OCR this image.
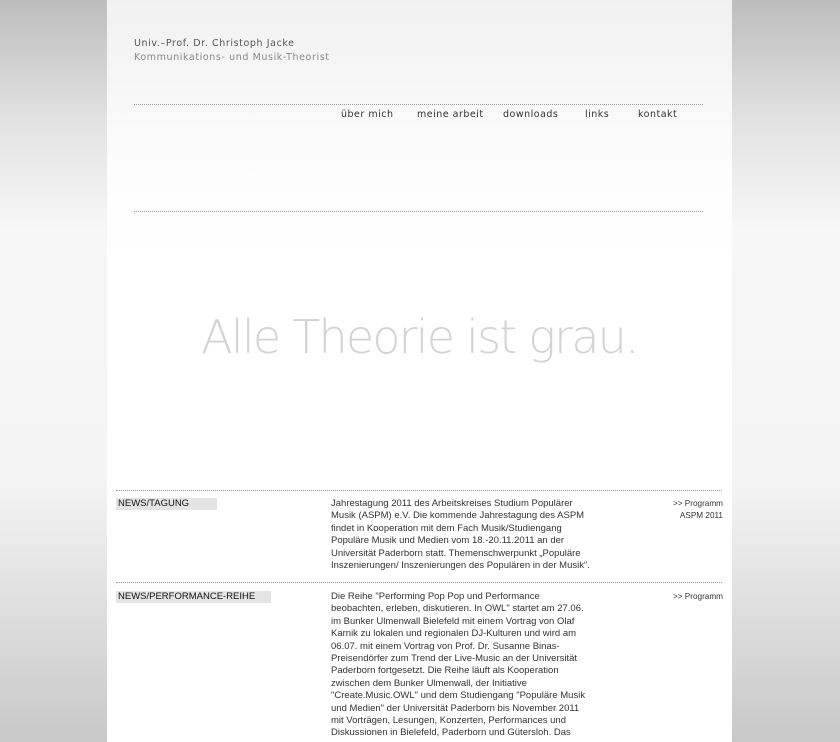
Univ.–Prof. Dr. Christoph Jacke
Kommunikations- und Musik-Theorist
über mich meine arbeit downloads	links	kontakt
Alle Theorie ist grau.
NEWS/TAGUNG	Jahrestagung 2011 des Arbeitskreises Studium Populärer

Musik (ASPM) e.V. Die kommende Jahrestagung des ASPM

findet in Kooperation mit dem Fach Musik/Studiengang

Populäre Musik und Medien vom 18.-20.11.2011 an der

Universität Paderborn statt. Themenschwerpunkt „Populäre

Inszenierungen/ Inszenierungen des Populären in der Musik“.

>> Programm
ASPM 2011
NEWS/PERFORMANCE-REIHE	Die Reihe "Performing Pop Pop und Performance

beobachten, erleben, diskutieren. In OWL" startet am 27.06.

im Bunker Ulmenwall Bielefeld mit einem Vortrag von Olaf

Karnik zu lokalen und regionalen DJ-Kulturen und wird am

06.07. mit einem Vortrag von Prof. Dr. Susanne Binas-

Preisendörfer zum Trend der Live-Music an der Universität

Paderborn fortgesetzt. Die Reihe läuft als Kooperation

zwischen dem Bunker Ulmenwall, der Initiative

"Create.Music.OWL" und dem Studiengang "Populäre Musik

und Medien" der Universität Paderborn bis November 2011

mit Vorträgen, Lesungen, Konzerten, Performances und

Diskussionen in Bielefeld, Paderborn und Gütersloh. Das

>> Programm
